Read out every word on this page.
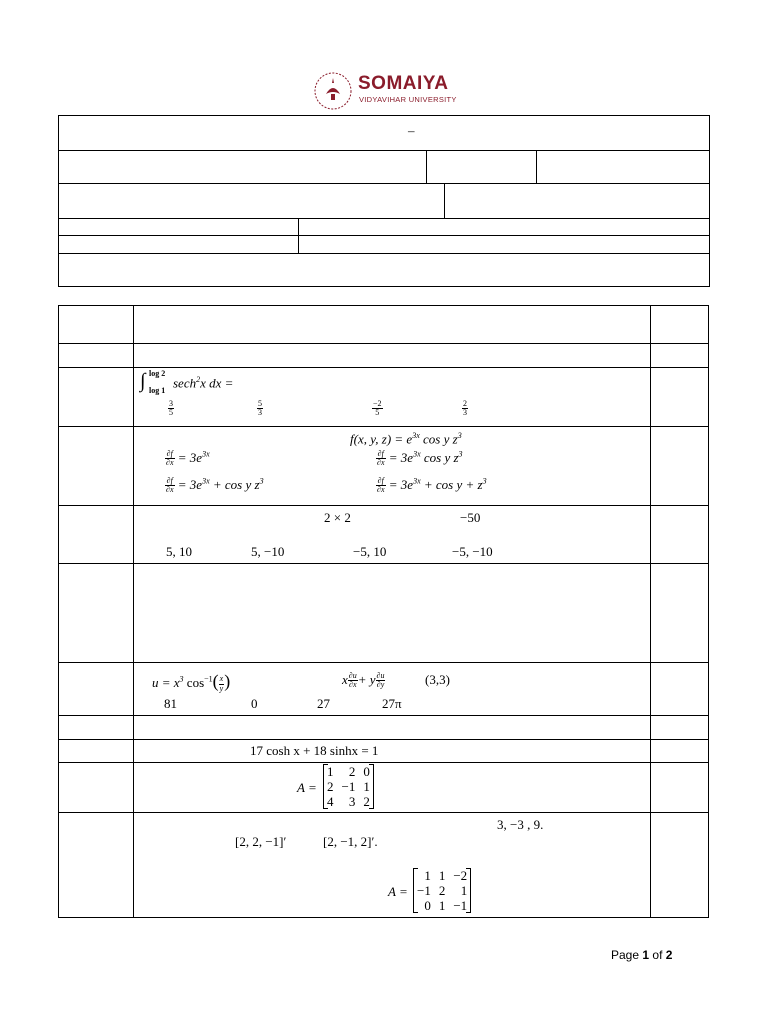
SOMAIYA
VIDYAVIHAR UNIVERSITY
–
∫ log 2
log 1
sech$^2$x dx =
$\frac{3}{5}$	$\frac{5}{3}$	$\frac{-2}{5}$	$\frac{2}{3}$
f(x, y, $z) = e^{3x}$ cos y $z^3$
$\frac{\partial f}{\partial x} = 3e^{3x}$	$\frac{\partial f}{\partial x} = 3e^{3x}$ cos y $z^3$
$\frac{\partial f}{\partial x} = 3e^{3x} + \cos y$ $z^3$	$\frac{\partial f}{\partial x} = 3e^{3x} + \cos y + z^3$
2 × 2	−50
5, 10	5, −10	−5, 10	−5, −10
$u = x^3$ $\cos^{-1}( \frac{x}{y}$ )	x $\frac{\partial u}{\partial x} + y \frac{\partial u}{\partial y}$	(3,3)
81	0	27	27π
17 cosh x + 18 sinhx = 1
A =
1	2	0
2	−1	1
4	3	2
3, −3 , 9.
[2, 2, −1]′	[2, −1, 2]′.
A =
1	1	−2
−1	2	1
0	1	−1
Page 1 of 2
